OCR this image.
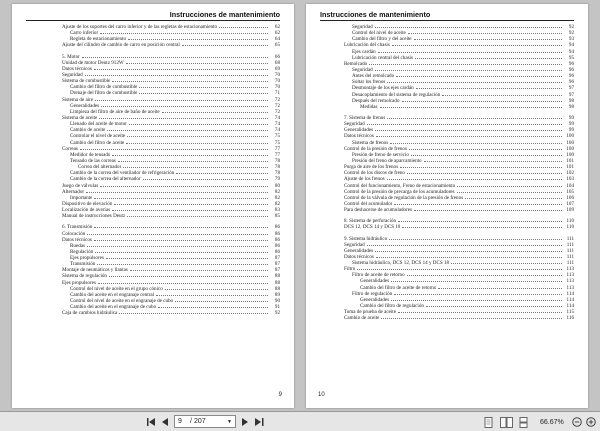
Instrucciones de mantenimiento
Ajuste de los soportes del carro inferior y de las regletas de estacionamiento	62
Carro inferior	62
Regleta de estacionamiento	64
Ajuste del cilindro de cambio de carro en posición central	65
5. Motor	66
Unidad de motor Deutz 912W	68
Datos técnicos	69
Seguridad	70
Sistema de combustible	70
Cambio del filtro de combustible	70
Drenaje del filtro de combustible	71
Sistema de aire	72
Generalidades	72
Limpieza del filtro de aire de baño de aceite	72
Sistema de aceite	74
Llenado del aceite de motor	74
Cambio de aceite	74
Controlar el nivel de aceite	75
Cambio del filtro de aceite	75
Correas	77
Medidor de tensado	77
Tensado de las correas	78
Correa del alternador	78
Cambio de la correa del ventilador de refrigeración	78
Cambio de la correa del alternador	79
Juego de válvulas	80
Alternador	82
Importante	82
Dispositivo de elevación	82
Localización de averías	83
Manual de instrucciones Deutz	85
6. Transmisión	86
Colocación	86
Datos técnicos	86
Ruedas	86
Regulación	86
Ejes propulsores	87
Transmisión	87
Montaje de neumáticos y llantas	87
Sistema de regulación	88
Ejes propulsores	88
Control del nivel de aceite en el grupo cónico	88
Cambio del aceite en el engranaje central	89
Control del nivel de aceite en el engranaje de cubo	90
Cambio del aceite en el engranaje de cubo	91
Caja de cambios hidráulica	92
9
Instrucciones de mantenimiento
Seguridad	92
Control del nivel de aceite	92
Cambio del filtro y del aceite	93
Lubricación del chasis	94
Ejes cardán	94
Lubricación central del chasis	95
Remolcado	96
Seguridad	96
Antes del remolcado	96
Soltar los frenos	96
Desmontaje de los ejes cardán	97
Desacoplamiento del sistema de regulación	97
Después del remolcado	98
Medidas	98
7. Sistema de frenos	99
Seguridad	99
Generalidades	99
Datos técnicos	100
Sistema de frenos	100
Control de la presión de frenos	100
Presión de freno de servicio	100
Presión del freno de aparcamiento	101
Purga de aire de los frenos	101
Control de los discos de freno	102
Ajuste de los frenos	103
Control del funcionamiento, Freno de estacionamiento	104
Control de la presión de precarga de los acumuladores	105
Control de la válvula de regulación de la presión de frenos	106
Control del acumulador	107
Para deshacerse de acumuladores	109
8. Sistema de perforación	110
DCS 12, DCS 14 y DCS 18	110
9. Sistema hidráulico	111
Seguridad	111
Generalidades	111
Datos técnicos	111
Sistema hidráulico, DCS 12, DCS 14 y DCS 18	111
Filtro	113
Filtro de aceite de retorno	113
Generalidades	113
Cambio del filtro de aceite de retorno	113
Filtro de regulación	114
Generalidades	114
Cambio del filtro de regulación	114
Toma de prueba de aceite	115
Cambio de aceite	116
10
9	/ 207	▼	66.67%
